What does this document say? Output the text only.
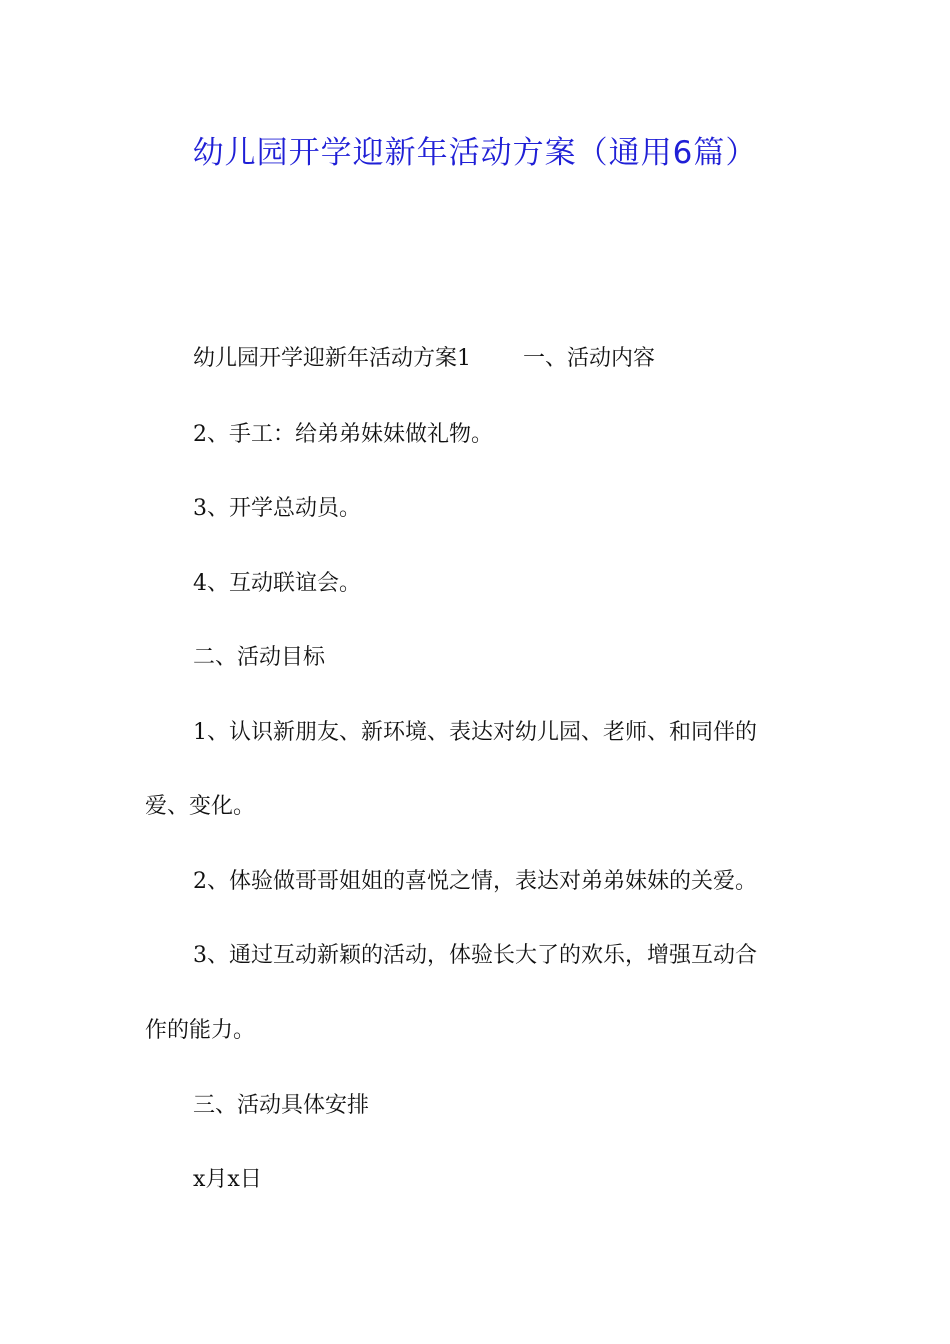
幼儿园开学迎新年活动方案（通用6篇）

幼儿园开学迎新年活动方案1 一、活动内容

2、手工：给弟弟妹妹做礼物。

3、开学总动员。

4、互动联谊会。

二、活动目标

1、认识新朋友、新环境、表达对幼儿园、老师、和同伴的

爱、变化。

2、体验做哥哥姐姐的喜悦之情，表达对弟弟妹妹的关爱。

3、通过互动新颖的活动，体验长大了的欢乐，增强互动合

作的能力。

三、活动具体安排

x月x日
